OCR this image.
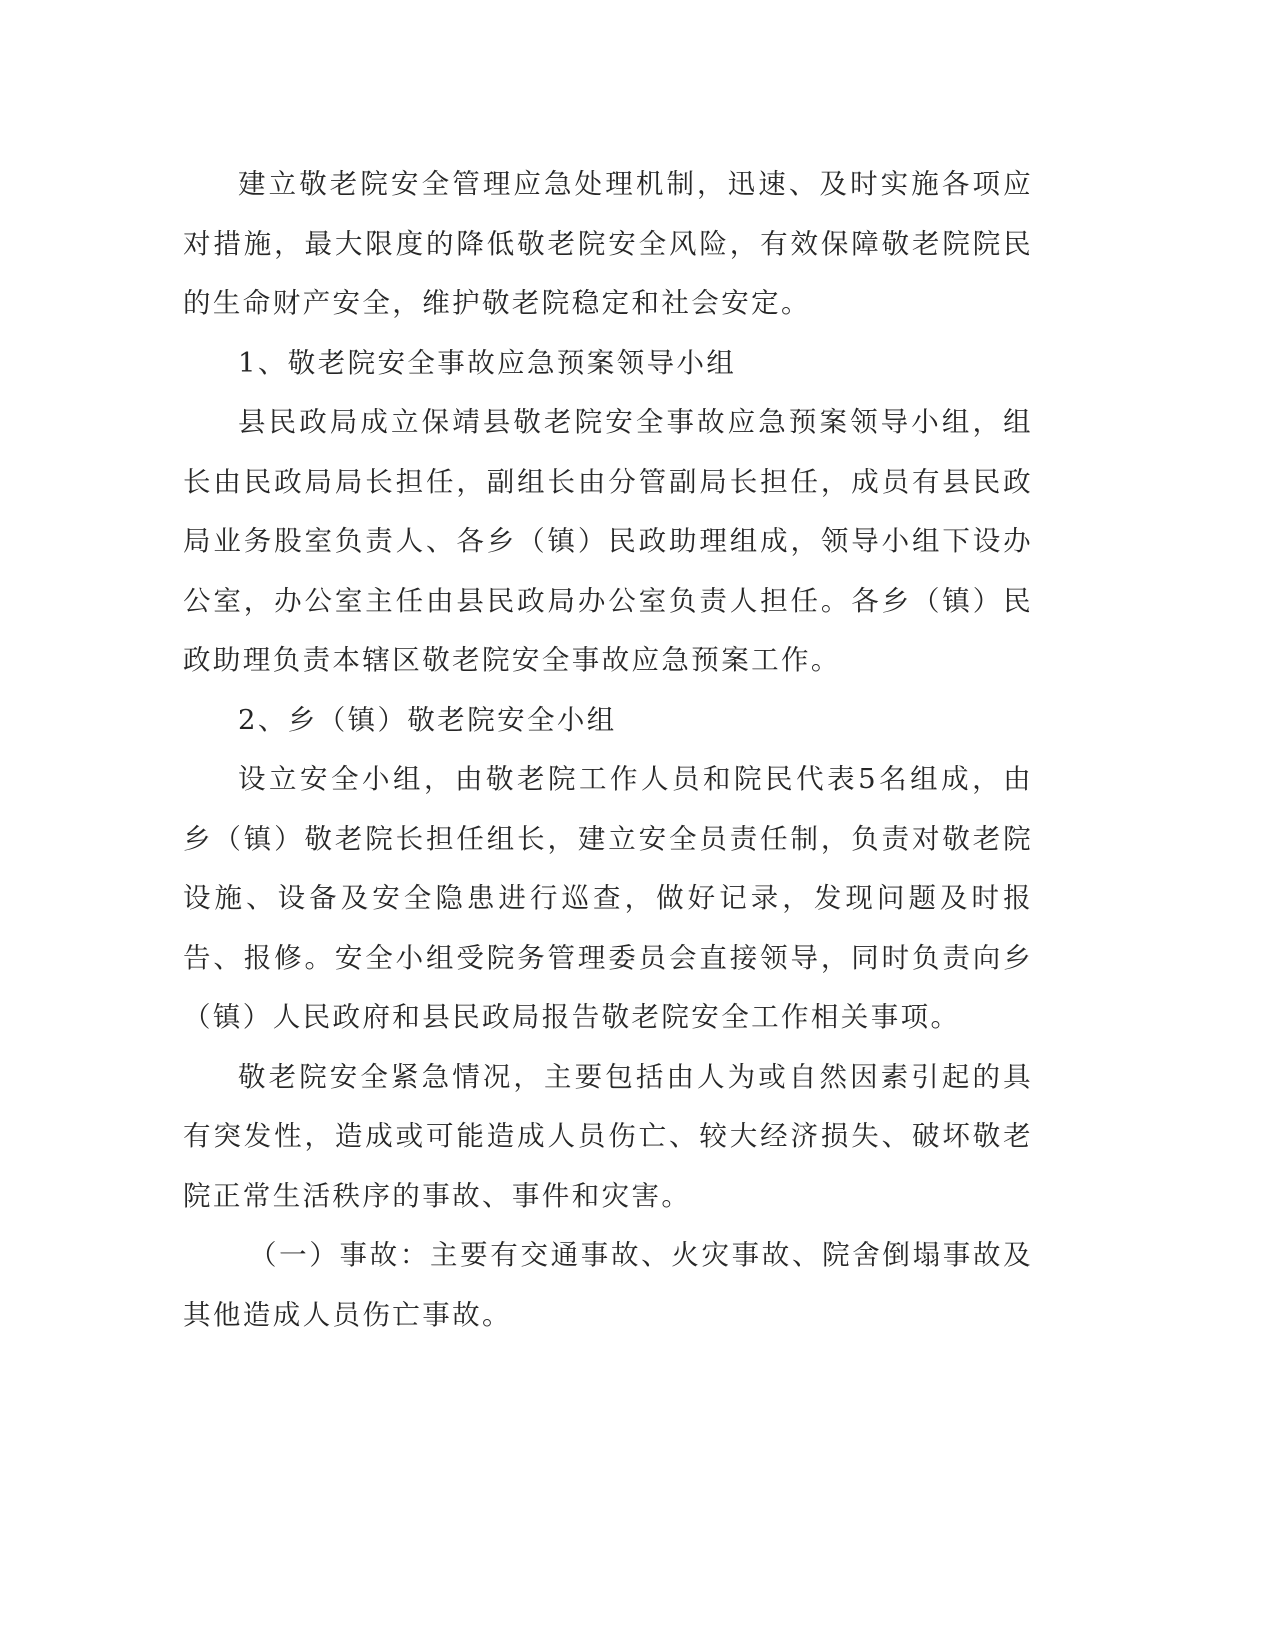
建立敬老院安全管理应急处理机制，迅速、及时实施各项应对措施，最大限度的降低敬老院安全风险，有效保障敬老院院民的生命财产安全，维护敬老院稳定和社会安定。

1、敬老院安全事故应急预案领导小组

县民政局成立保靖县敬老院安全事故应急预案领导小组，组长由民政局局长担任，副组长由分管副局长担任，成员有县民政局业务股室负责人、各乡（镇）民政助理组成，领导小组下设办公室，办公室主任由县民政局办公室负责人担任。各乡（镇）民政助理负责本辖区敬老院安全事故应急预案工作。

2、乡（镇）敬老院安全小组

设立安全小组，由敬老院工作人员和院民代表5名组成，由乡（镇）敬老院长担任组长，建立安全员责任制，负责对敬老院设施、设备及安全隐患进行巡查，做好记录，发现问题及时报告、报修。安全小组受院务管理委员会直接领导，同时负责向乡（镇）人民政府和县民政局报告敬老院安全工作相关事项。

敬老院安全紧急情况，主要包括由人为或自然因素引起的具有突发性，造成或可能造成人员伤亡、较大经济损失、破坏敬老院正常生活秩序的事故、事件和灾害。

（一）事故：主要有交通事故、火灾事故、院舍倒塌事故及其他造成人员伤亡事故。
